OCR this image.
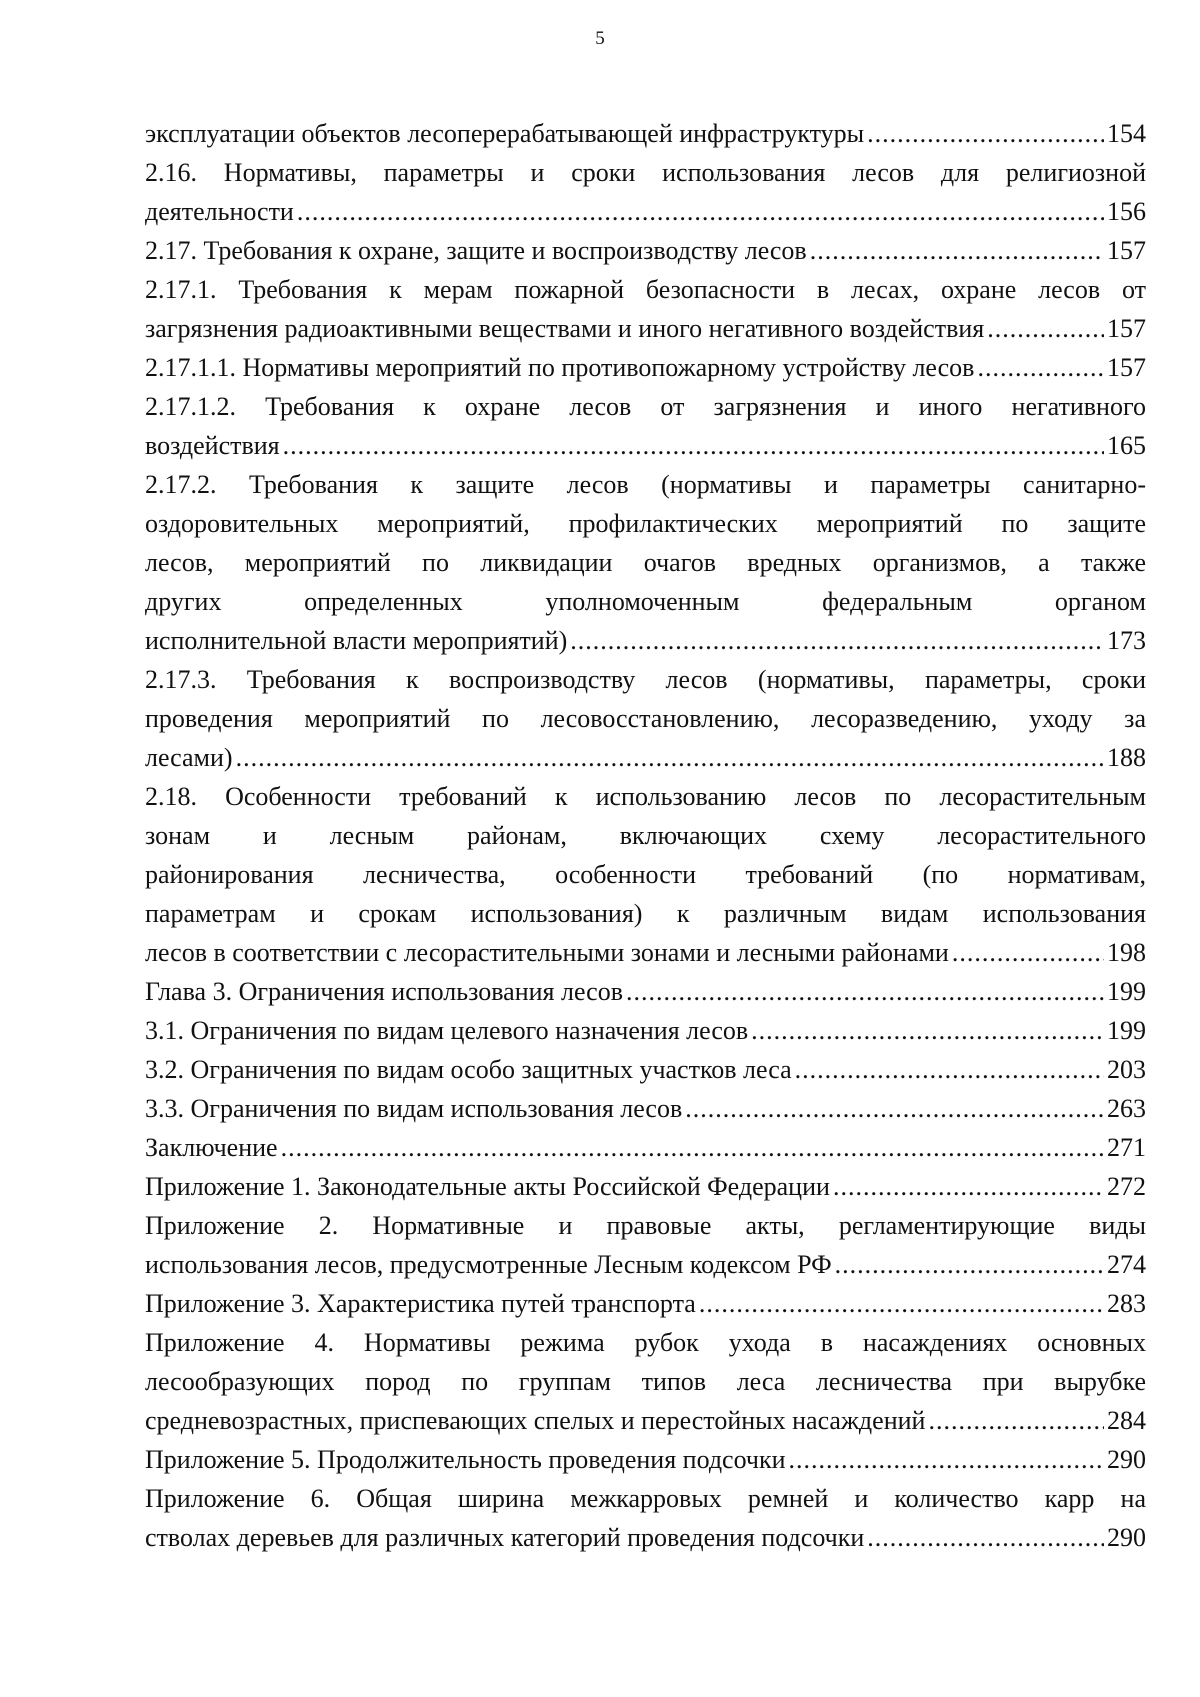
5
эксплуатации объектов лесоперерабатывающей инфраструктуры .....	154
2.16. Нормативы, параметры и сроки использования лесов для религиозной
деятельности .....	156
2.17. Требования к охране, защите и воспроизводству лесов .....	157
2.17.1. Требования к мерам пожарной безопасности в лесах, охране лесов от
загрязнения радиоактивными веществами и иного негативного воздействия .....	157
2.17.1.1. Нормативы мероприятий по противопожарному устройству лесов .....	157
2.17.1.2. Требования к охране лесов от загрязнения и иного негативного
воздействия .....	165
2.17.2. Требования к защите лесов (нормативы и параметры санитарно-
оздоровительных мероприятий, профилактических мероприятий по защите
лесов, мероприятий по ликвидации очагов вредных организмов, а также
других определенных уполномоченным федеральным органом
исполнительной власти мероприятий) .....	173
2.17.3. Требования к воспроизводству лесов (нормативы, параметры, сроки
проведения мероприятий по лесовосстановлению, лесоразведению, уходу за
лесами) .....	188
2.18. Особенности требований к использованию лесов по лесорастительным
зонам и лесным районам, включающих схему лесорастительного
районирования лесничества, особенности требований (по нормативам,
параметрам и срокам использования) к различным видам использования
лесов в соответствии с лесорастительными зонами и лесными районами .....	198
Глава 3. Ограничения использования лесов .....	199
3.1. Ограничения по видам целевого назначения лесов .....	199
3.2. Ограничения по видам особо защитных участков леса .....	203
3.3. Ограничения по видам использования лесов .....	263
Заключение .....	271
Приложение 1. Законодательные акты Российской Федерации .....	272
Приложение 2. Нормативные и правовые акты, регламентирующие виды
использования лесов, предусмотренные Лесным кодексом РФ .....	274
Приложение 3. Характеристика путей транспорта .....	283
Приложение 4. Нормативы режима рубок ухода в насаждениях основных
лесообразующих пород по группам типов леса лесничества при вырубке
средневозрастных, приспевающих спелых и перестойных насаждений .....	284
Приложение 5. Продолжительность проведения подсочки .....	290
Приложение 6. Общая ширина межкарровых ремней и количество карр на
стволах деревьев для различных категорий проведения подсочки .....	290
